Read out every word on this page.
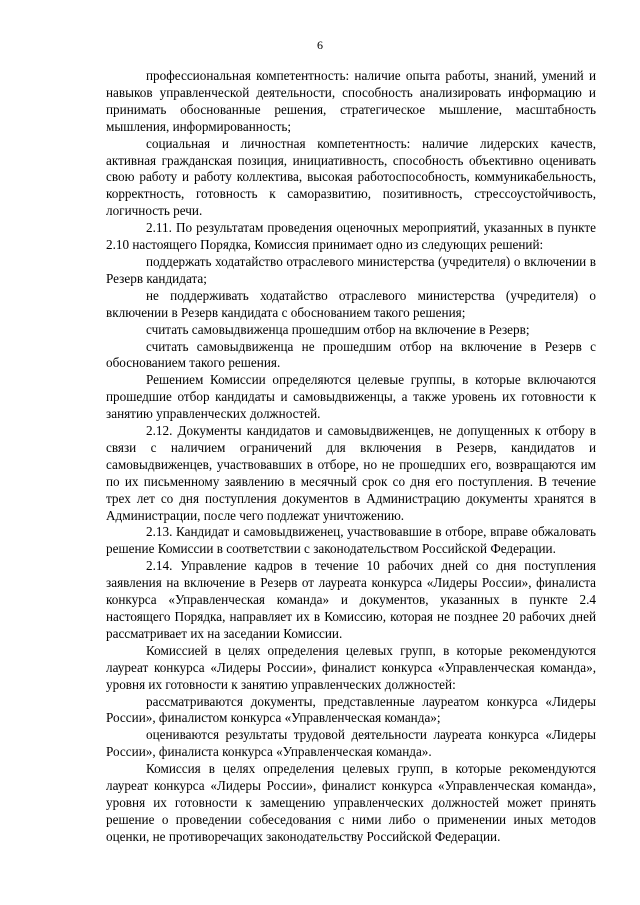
6

профессиональная компетентность: наличие опыта работы, знаний, умений и навыков управленческой деятельности, способность анализировать информацию и принимать обоснованные решения, стратегическое мышление, масштабность мышления, информированность;

социальная и личностная компетентность: наличие лидерских качеств, активная гражданская позиция, инициативность, способность объективно оценивать свою работу и работу коллектива, высокая работоспособность, коммуникабельность, корректность, готовность к саморазвитию, позитивность, стрессоустойчивость, логичность речи.

2.11. По результатам проведения оценочных мероприятий, указанных в пункте 2.10 настоящего Порядка, Комиссия принимает одно из следующих решений:

поддержать ходатайство отраслевого министерства (учредителя) о включении в Резерв кандидата;

не поддерживать ходатайство отраслевого министерства (учредителя) о включении в Резерв кандидата с обоснованием такого решения;

считать самовыдвиженца прошедшим отбор на включение в Резерв;

считать самовыдвиженца не прошедшим отбор на включение в Резерв с обоснованием такого решения.

Решением Комиссии определяются целевые группы, в которые включаются прошедшие отбор кандидаты и самовыдвиженцы, а также уровень их готовности к занятию управленческих должностей.

2.12. Документы кандидатов и самовыдвиженцев, не допущенных к отбору в связи с наличием ограничений для включения в Резерв, кандидатов и самовыдвиженцев, участвовавших в отборе, но не прошедших его, возвращаются им по их письменному заявлению в месячный срок со дня его поступления. В течение трех лет со дня поступления документов в Администрацию документы хранятся в Администрации, после чего подлежат уничтожению.

2.13. Кандидат и самовыдвиженец, участвовавшие в отборе, вправе обжаловать решение Комиссии в соответствии с законодательством Российской Федерации.

2.14. Управление кадров в течение 10 рабочих дней со дня поступления заявления на включение в Резерв от лауреата конкурса «Лидеры России», финалиста конкурса «Управленческая команда» и документов, указанных в пункте 2.4 настоящего Порядка, направляет их в Комиссию, которая не позднее 20 рабочих дней рассматривает их на заседании Комиссии.

Комиссией в целях определения целевых групп, в которые рекомендуются лауреат конкурса «Лидеры России», финалист конкурса «Управленческая команда», уровня их готовности к занятию управленческих должностей:

рассматриваются документы, представленные лауреатом конкурса «Лидеры России», финалистом конкурса «Управленческая команда»;

оцениваются результаты трудовой деятельности лауреата конкурса «Лидеры России», финалиста конкурса «Управленческая команда».

Комиссия в целях определения целевых групп, в которые рекомендуются лауреат конкурса «Лидеры России», финалист конкурса «Управленческая команда», уровня их готовности к замещению управленческих должностей может принять решение о проведении собеседования с ними либо о применении иных методов оценки, не противоречащих законодательству Российской Федерации.
